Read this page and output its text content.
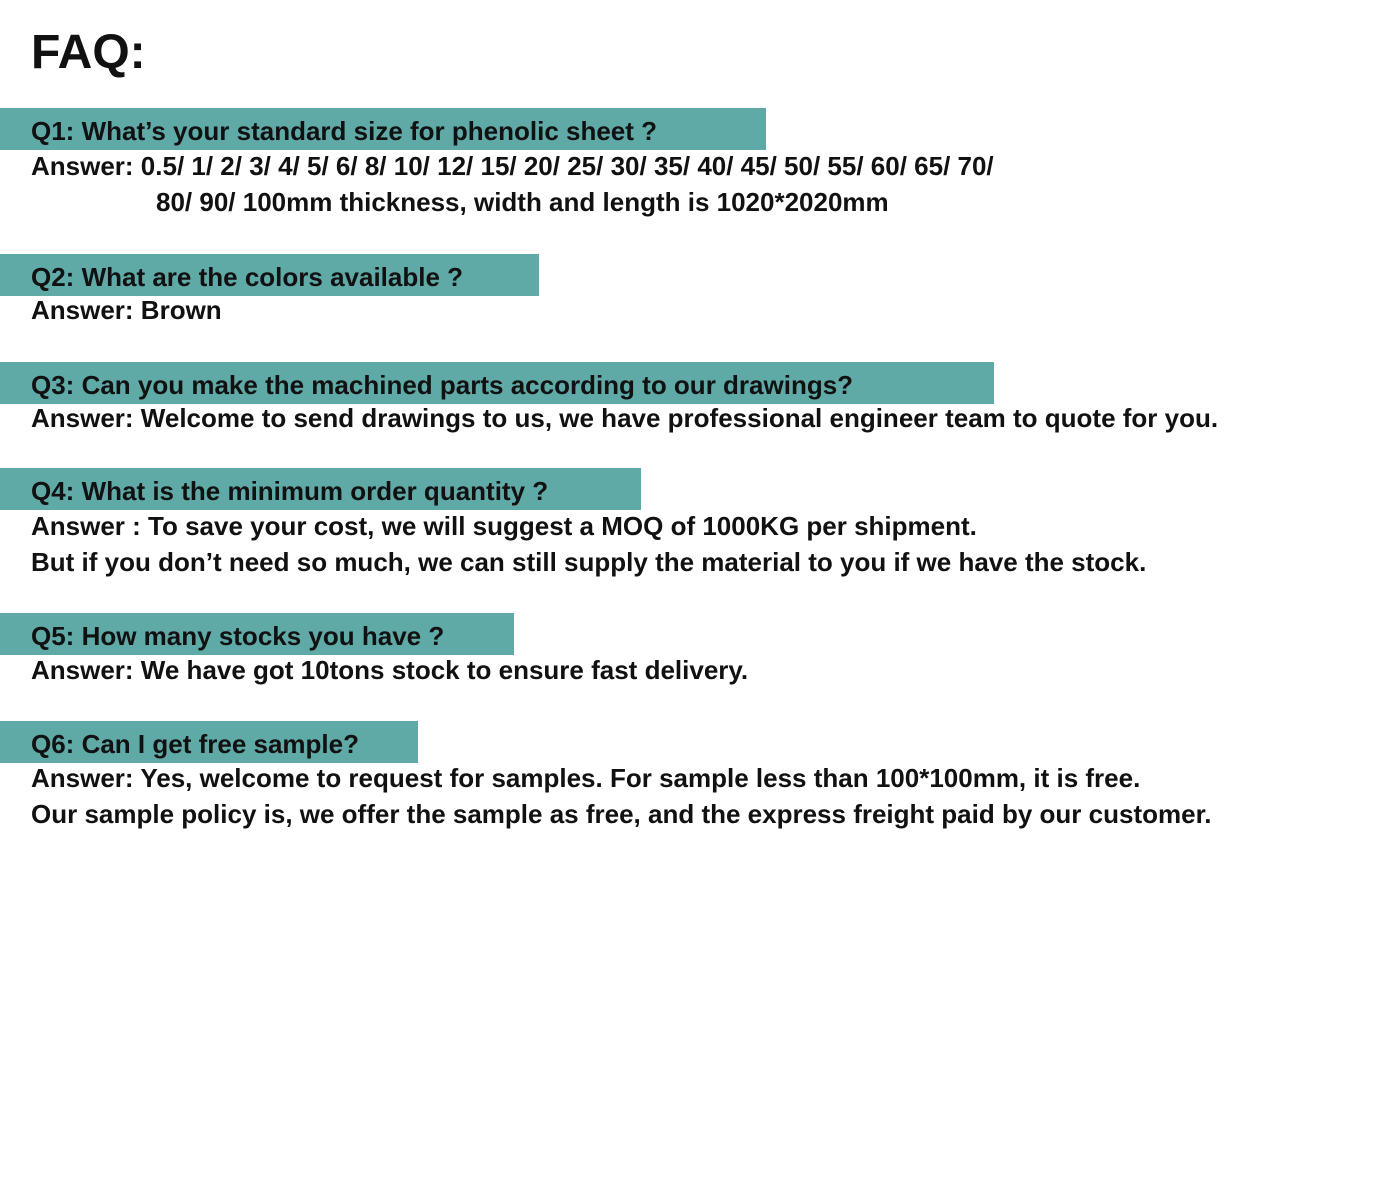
FAQ:
Q1: What’s your standard size for phenolic sheet ?
Answer: 0.5/ 1/ 2/ 3/ 4/ 5/ 6/ 8/ 10/ 12/ 15/ 20/ 25/ 30/ 35/ 40/ 45/ 50/ 55/ 60/ 65/ 70/
80/ 90/ 100mm thickness, width and length is 1020*2020mm
Q2: What are the colors available ?
Answer: Brown
Q3: Can you make the machined parts according to our drawings?
Answer: Welcome to send drawings to us, we have professional engineer team to quote for you.
Q4: What is the minimum order quantity ?
Answer : To save your cost, we will suggest a MOQ of 1000KG per shipment.
But if you don’t need so much, we can still supply the material to you if we have the stock.
Q5: How many stocks you have ?
Answer: We have got 10tons stock to ensure fast delivery.
Q6: Can I get free sample?
Answer: Yes, welcome to request for samples. For sample less than 100*100mm, it is free.
Our sample policy is, we offer the sample as free, and the express freight paid by our customer.
